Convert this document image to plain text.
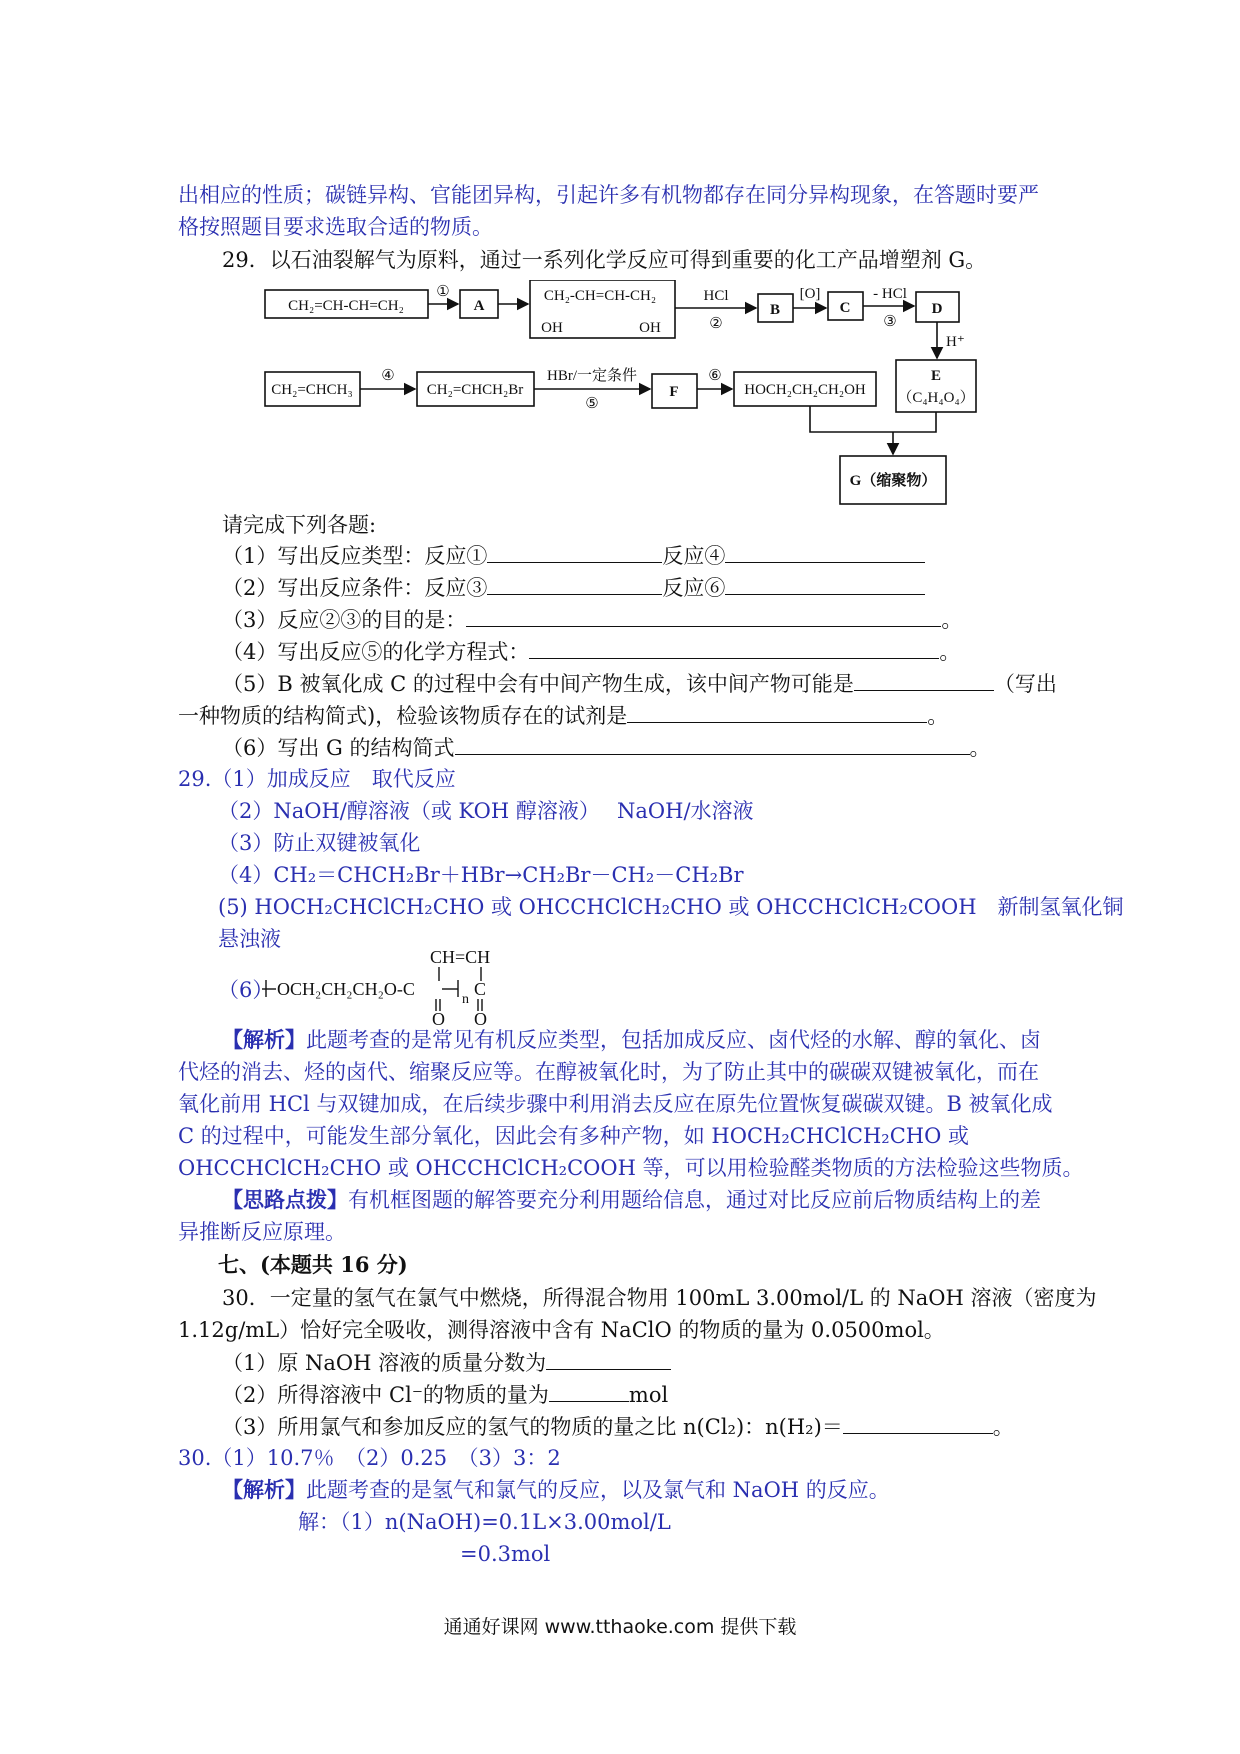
出相应的性质；碳链异构、官能团异构，引起许多有机物都存在同分异构现象，在答题时要严
格按照题目要求选取合适的物质。
29．以石油裂解气为原料，通过一系列化学反应可得到重要的化工产品增塑剂 G。
CH₂=CH-CH=CH₂
①
A
CH₂-CH=CH-CH₂
OH	OH
HCl
②
B
[O]
C
- HCl
③
D
H⁺
E
（C₄H₄O₄）
CH₂=CHCH₃
④
CH₂=CHCH₂Br
HBr/一定条件
⑤
F
⑥
HOCH₂CH₂CH₂OH
G（缩聚物）
请完成下列各题:
（1）写出反应类型：反应①	反应④
（2）写出反应条件：反应③	反应⑥
（3）反应②③的目的是：	。
（4）写出反应⑤的化学方程式：	。
（5）B 被氧化成 C 的过程中会有中间产物生成，该中间产物可能是	（写出
一种物质的结构简式)，检验该物质存在的试剂是	。
（6）写出 G 的结构简式	。
29.（1）加成反应　取代反应
（2）NaOH/醇溶液（或 KOH 醇溶液）　 NaOH/水溶液
（3）防止双键被氧化
（4）CH₂＝CHCH₂Br＋HBr→CH₂Br－CH₂－CH₂Br
(5) HOCH₂CHClCH₂CHO 或 OHCCHClCH₂CHO 或 OHCCHClCH₂COOH　新制氢氧化铜
悬浊液
（6） OCH₂CH₂CH₂O-C
CH=CH
C
O O
n
【解析】此题考查的是常见有机反应类型，包括加成反应、卤代烃的水解、醇的氧化、卤
代烃的消去、烃的卤代、缩聚反应等。在醇被氧化时，为了防止其中的碳碳双键被氧化，而在
氧化前用 HCl 与双键加成，在后续步骤中利用消去反应在原先位置恢复碳碳双键。B 被氧化成
C 的过程中，可能发生部分氧化，因此会有多种产物，如 HOCH₂CHClCH₂CHO 或
OHCCHClCH₂CHO 或 OHCCHClCH₂COOH 等，可以用检验醛类物质的方法检验这些物质。
【思路点拨】有机框图题的解答要充分利用题给信息，通过对比反应前后物质结构上的差
异推断反应原理。
七、(本题共 16 分)
30．一定量的氢气在氯气中燃烧，所得混合物用 100mL 3.00mol/L 的 NaOH 溶液（密度为
1.12g/mL）恰好完全吸收，测得溶液中含有 NaClO 的物质的量为 0.0500mol。
（1）原 NaOH 溶液的质量分数为
（2）所得溶液中 Cl⁻的物质的量为	mol
（3）所用氯气和参加反应的氢气的物质的量之比 n(Cl₂)：n(H₂)＝	。
30.（1）10.7％　（2）0.25　（3）3：2
【解析】此题考查的是氢气和氯气的反应，以及氯气和 NaOH 的反应。
解：（1）n(NaOH)=0.1L×3.00mol/L
=0.3mol
通通好课网 www.tthaoke.com 提供下载
